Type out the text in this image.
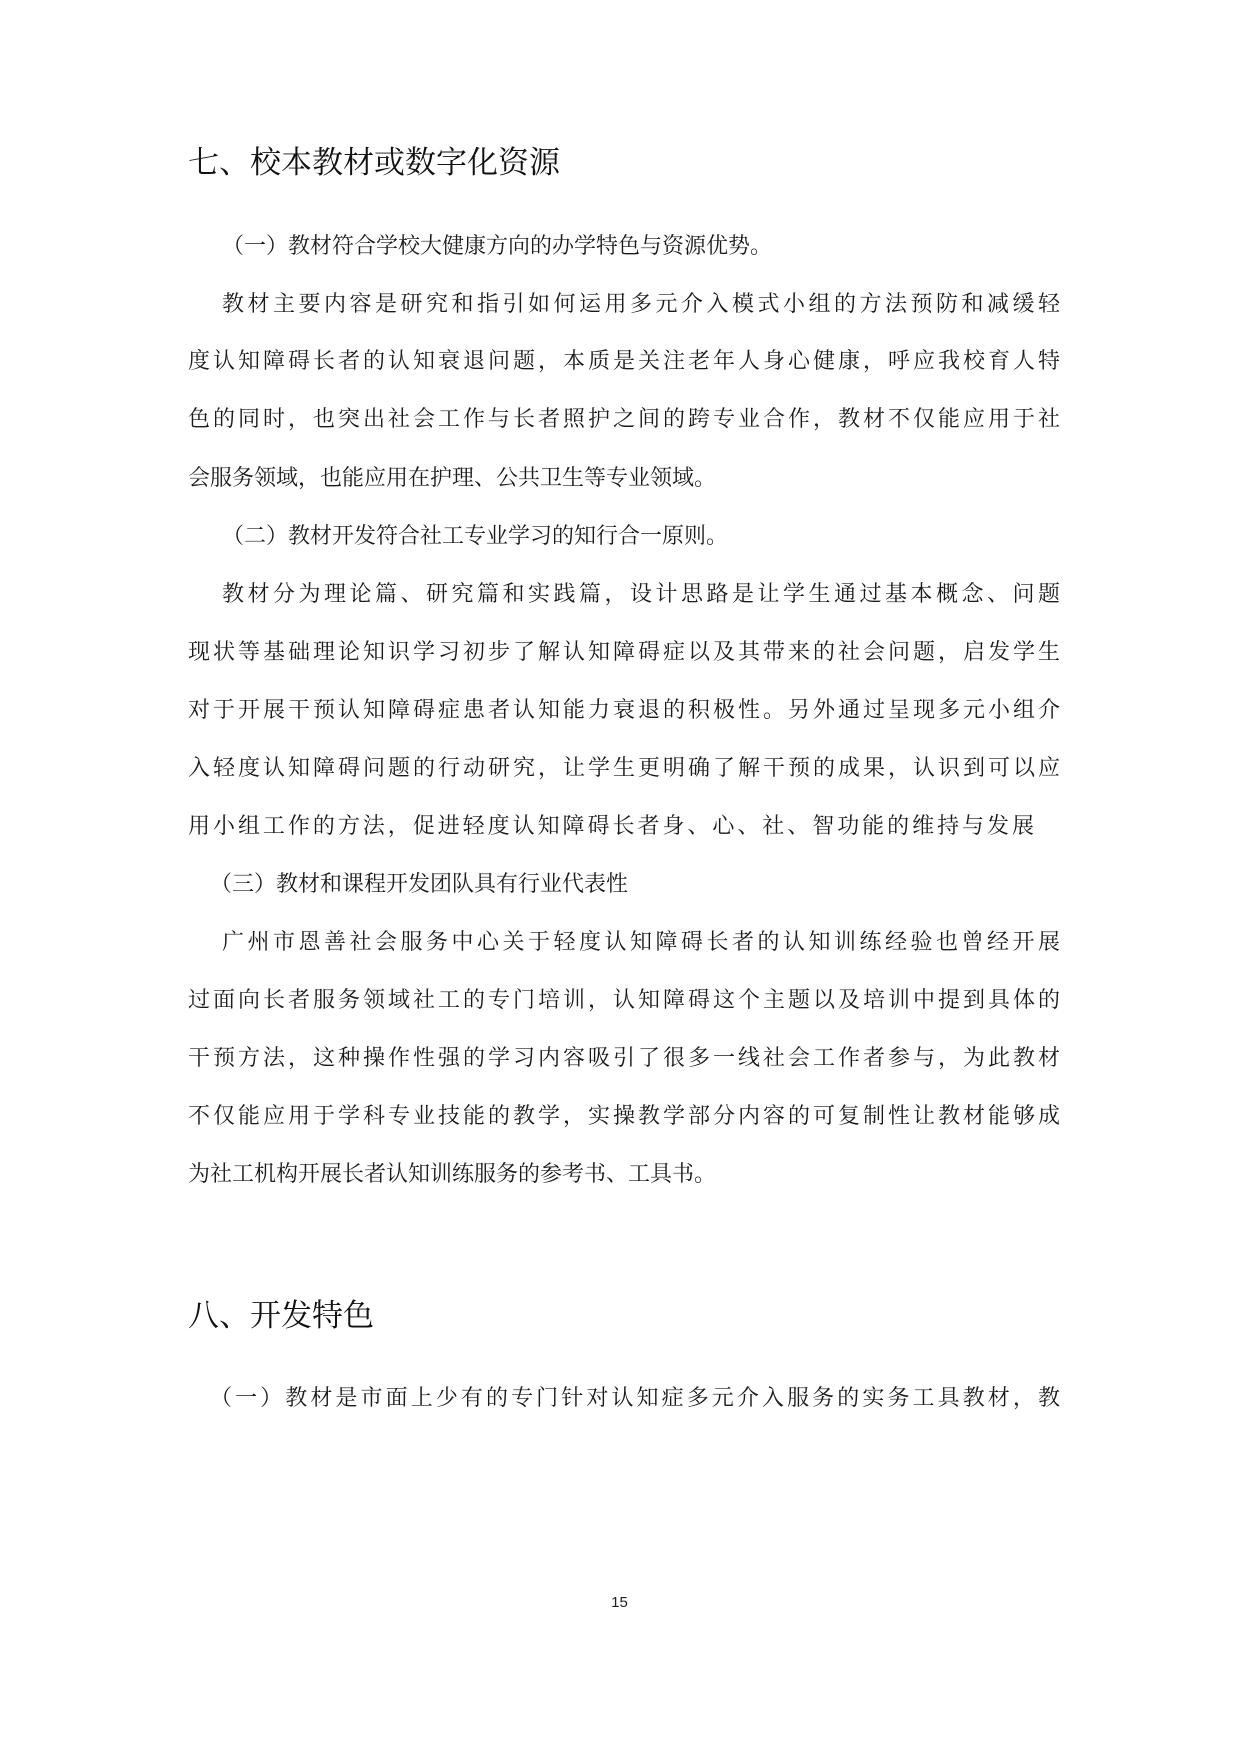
七、校本教材或数字化资源
（一）教材符合学校大健康方向的办学特色与资源优势。
教材主要内容是研究和指引如何运用多元介入模式小组的方法预防和减缓轻
度认知障碍长者的认知衰退问题，本质是关注老年人身心健康，呼应我校育人特
色的同时，也突出社会工作与长者照护之间的跨专业合作，教材不仅能应用于社
会服务领域，也能应用在护理、公共卫生等专业领域。
（二）教材开发符合社工专业学习的知行合一原则。
教材分为理论篇、研究篇和实践篇，设计思路是让学生通过基本概念、问题
现状等基础理论知识学习初步了解认知障碍症以及其带来的社会问题，启发学生
对于开展干预认知障碍症患者认知能力衰退的积极性。另外通过呈现多元小组介
入轻度认知障碍问题的行动研究，让学生更明确了解干预的成果，认识到可以应
用小组工作的方法，促进轻度认知障碍长者身、心、社、智功能的维持与发展
（三）教材和课程开发团队具有行业代表性
广州市恩善社会服务中心关于轻度认知障碍长者的认知训练经验也曾经开展
过面向长者服务领域社工的专门培训，认知障碍这个主题以及培训中提到具体的
干预方法，这种操作性强的学习内容吸引了很多一线社会工作者参与，为此教材
不仅能应用于学科专业技能的教学，实操教学部分内容的可复制性让教材能够成
为社工机构开展长者认知训练服务的参考书、工具书。
八、开发特色
（一）教材是市面上少有的专门针对认知症多元介入服务的实务工具教材，教
15
